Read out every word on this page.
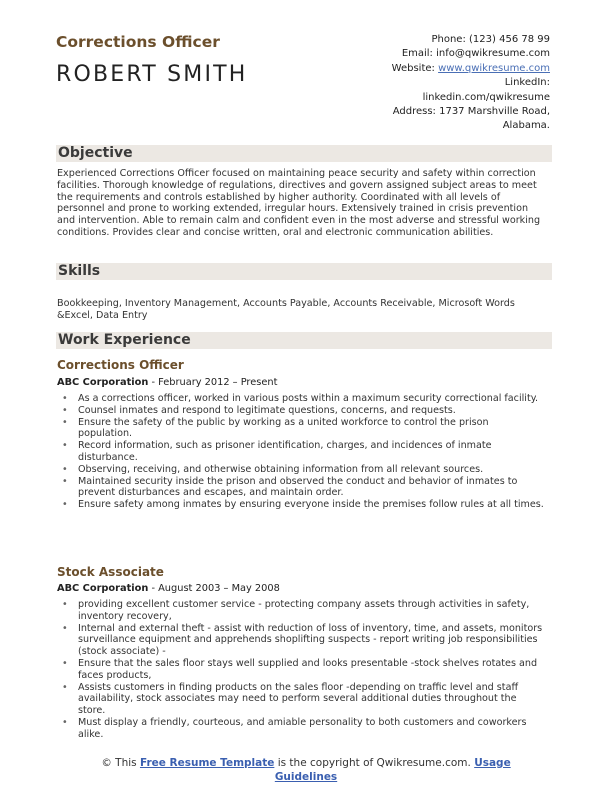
Corrections Officer
ROBERT SMITH
Phone: (123) 456 78 99
Email: info@qwikresume.com
Website: www.qwikresume.com
LinkedIn:
linkedin.com/qwikresume
Address: 1737 Marshville Road,
Alabama.
Objective
Experienced Corrections Officer focused on maintaining peace security and safety within correction facilities. Thorough knowledge of regulations, directives and govern assigned subject areas to meet the requirements and controls established by higher authority. Coordinated with all levels of personnel and prone to working extended, irregular hours. Extensively trained in crisis prevention and intervention. Able to remain calm and confident even in the most adverse and stressful working conditions. Provides clear and concise written, oral and electronic communication abilities.
Skills
Bookkeeping, Inventory Management, Accounts Payable, Accounts Receivable, Microsoft Words &Excel, Data Entry
Work Experience
Corrections Officer
ABC Corporation - February 2012 – Present
• As a corrections officer, worked in various posts within a maximum security correctional facility.
• Counsel inmates and respond to legitimate questions, concerns, and requests.
• Ensure the safety of the public by working as a united workforce to control the prison population.
• Record information, such as prisoner identification, charges, and incidences of inmate disturbance.
• Observing, receiving, and otherwise obtaining information from all relevant sources.
• Maintained security inside the prison and observed the conduct and behavior of inmates to prevent disturbances and escapes, and maintain order.
• Ensure safety among inmates by ensuring everyone inside the premises follow rules at all times.
Stock Associate
ABC Corporation - August 2003 – May 2008
• providing excellent customer service - protecting company assets through activities in safety, inventory recovery,
• Internal and external theft - assist with reduction of loss of inventory, time, and assets, monitors surveillance equipment and apprehends shoplifting suspects - report writing job responsibilities (stock associate) -
• Ensure that the sales floor stays well supplied and looks presentable -stock shelves rotates and faces products,
• Assists customers in finding products on the sales floor -depending on traffic level and staff availability, stock associates may need to perform several additional duties throughout the store.
• Must display a friendly, courteous, and amiable personality to both customers and coworkers alike.
© This Free Resume Template is the copyright of Qwikresume.com. Usage
Guidelines
